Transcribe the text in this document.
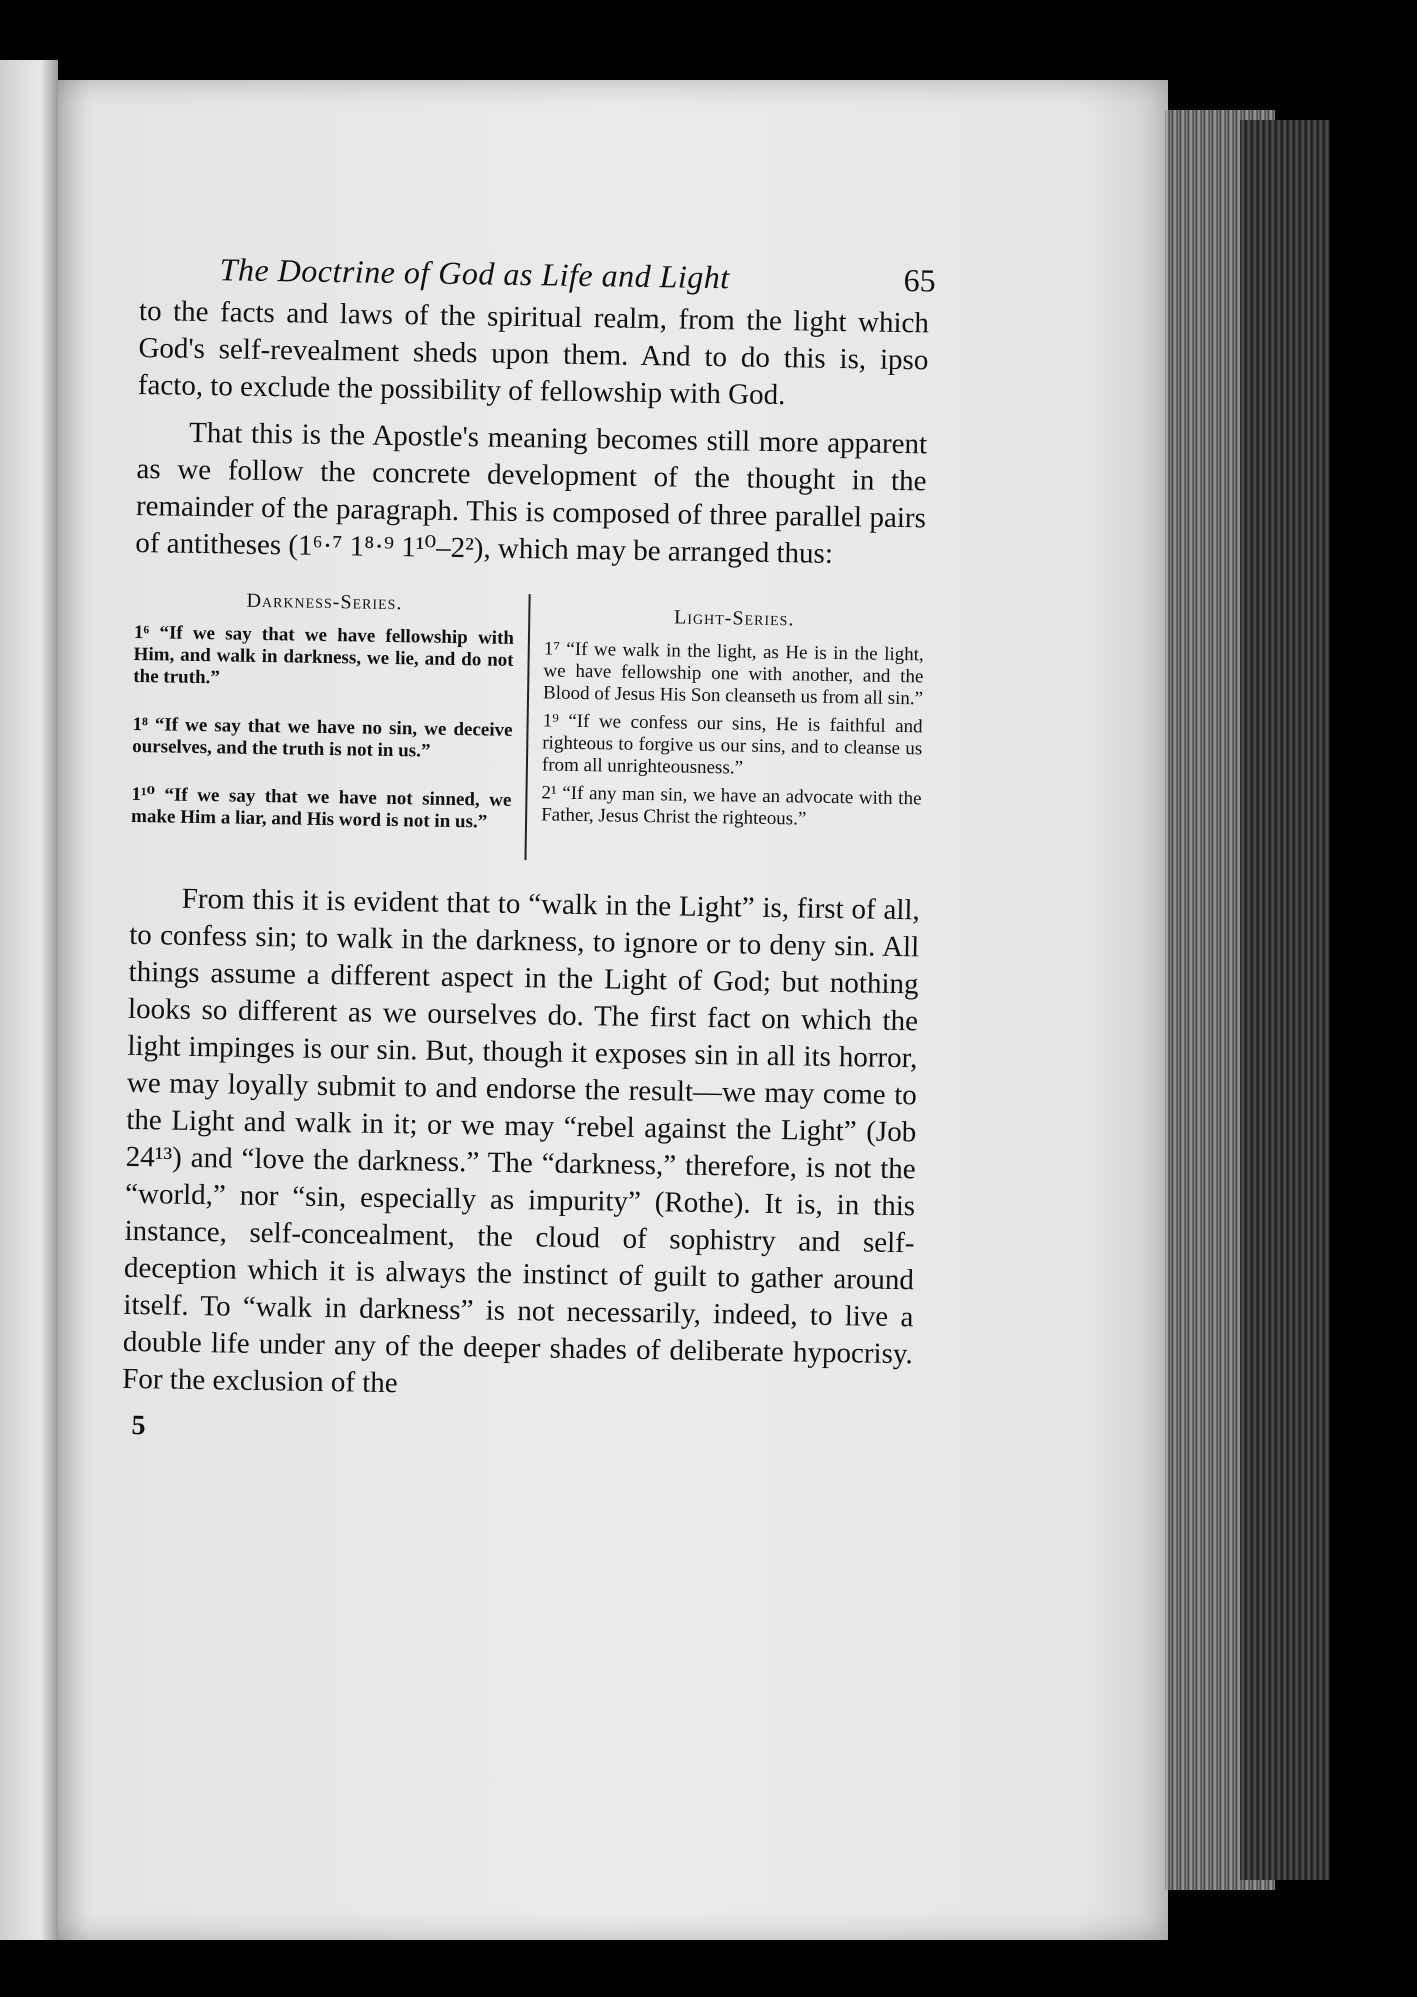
The Doctrine of God as Life and Light	65

to the facts and laws of the spiritual realm, from the light which God's self-revealment sheds upon them. And to do this is, ipso facto, to exclude the possibility of fellowship with God.

That this is the Apostle's meaning becomes still more apparent as we follow the concrete development of the thought in the remainder of the paragraph. This is composed of three parallel pairs of antitheses (1⁶·⁷ 1⁸·⁹ 1¹⁰–2²), which may be arranged thus:

Darkness-Series.

1⁶ “If we say that we have fellowship with Him, and walk in darkness, we lie, and do not the truth.”

1⁸ “If we say that we have no sin, we deceive ourselves, and the truth is not in us.”

1¹⁰ “If we say that we have not sinned, we make Him a liar, and His word is not in us.”

Light-Series.

1⁷ “If we walk in the light, as He is in the light, we have fellowship one with another, and the Blood of Jesus His Son cleanseth us from all sin.”

1⁹ “If we confess our sins, He is faithful and righteous to forgive us our sins, and to cleanse us from all unrighteousness.”

2¹ “If any man sin, we have an advocate with the Father, Jesus Christ the righteous.”

From this it is evident that to “walk in the Light” is, first of all, to confess sin; to walk in the darkness, to ignore or to deny sin. All things assume a different aspect in the Light of God; but nothing looks so different as we ourselves do. The first fact on which the light impinges is our sin. But, though it exposes sin in all its horror, we may loyally submit to and endorse the result—we may come to the Light and walk in it; or we may “rebel against the Light” (Job 24¹³) and “love the darkness.” The “darkness,” therefore, is not the “world,” nor “sin, especially as impurity” (Rothe). It is, in this instance, self-concealment, the cloud of sophistry and self-deception which it is always the instinct of guilt to gather around itself. To “walk in darkness” is not necessarily, indeed, to live a double life under any of the deeper shades of deliberate hypocrisy. For the exclusion of the

5
